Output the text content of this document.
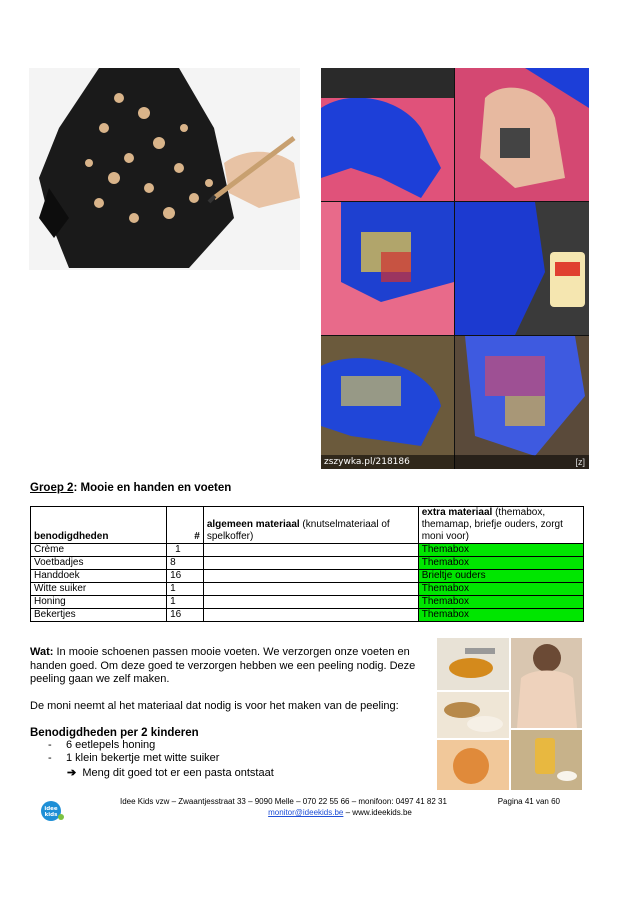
zszywka.pl/218186	[z]
Groep 2: Mooie en handen en voeten
benodigdheden	#	algemeen materiaal (knutselmateriaal of spelkoffer)	extra materiaal (themabox, themamap, briefje ouders, zorgt moni voor)
Crème	1		Themabox
Voetbadjes	8		Themabox
Handdoek	16		Brieltje ouders
Witte suiker	1		Themabox
Honing	1		Themabox
Bekertjes	16		Themabox
Wat: In mooie schoenen passen mooie voeten. We verzorgen onze voeten en handen goed. Om deze goed te verzorgen hebben we een peeling nodig. Deze peeling gaan we zelf maken.
De moni neemt al het materiaal dat nodig is voor het maken van de peeling:
Benodigdheden per 2 kinderen
- 6 eetlepels honing
- 1 klein bekertje met witte suiker
➔  Meng dit goed tot er een pasta ontstaat
idee
kids
Idee Kids vzw – Zwaantjesstraat 33 – 9090 Melle – 070 22 55 66 – monifoon: 0497 41 82 31	Pagina 41 van 60
monitor@ideekids.be – www.ideekids.be
